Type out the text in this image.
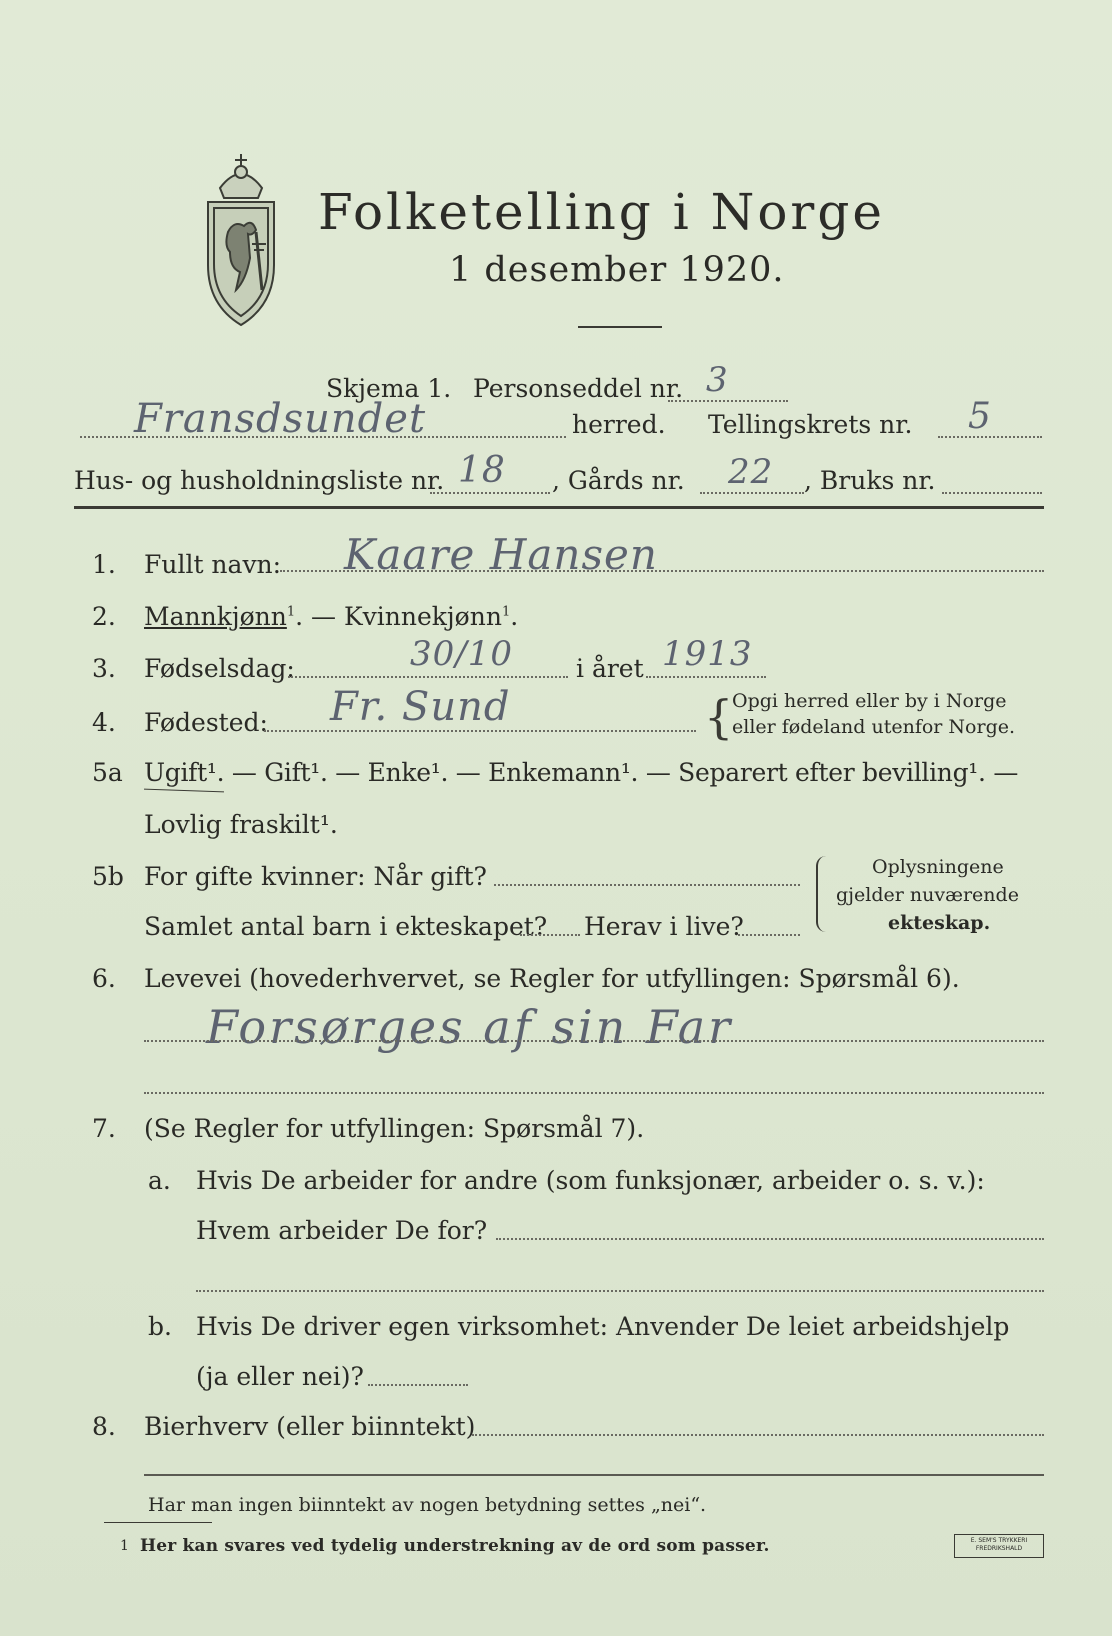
Folketelling i Norge
1 desember 1920.
Skjema 1. Personseddel nr. 3
Fransdsundet	herred. Tellingskrets nr. 5
Hus- og husholdningsliste nr. 18 , Gårds nr. 22 , Bruks nr.
1. Fullt navn: Kaare Hansen
2. Mannkjønn$^1$. — Kvinnekjønn$^1$.
3. Fødselsdag:	30/10	i året 1913
4. Fødested: Fr. Sund	{
Opgi herred eller by i Norge
eller fødeland utenfor Norge.
5a Ugift¹. — Gift¹. — Enke¹. — Enkemann¹. — Separert efter bevilling¹. —
Lovlig fraskilt¹.
5b For gifte kvinner: Når gift?
Samlet antal barn i ekteskapet? Herav i live?
Oplysningene
gjelder nuværende
ekteskap.
6. Levevei (hovederhvervet, se Regler for utfyllingen: Spørsmål 6).
Forsørges af sin Far
7. (Se Regler for utfyllingen: Spørsmål 7).
a. Hvis De arbeider for andre (som funksjonær, arbeider o. s. v.):
Hvem arbeider De for?
b. Hvis De driver egen virksomhet: Anvender De leiet arbeidshjelp
(ja eller nei)?
8. Bierhverv (eller biinntekt)
Har man ingen biinntekt av nogen betydning settes „nei“.
1 Her kan svares ved tydelig understrekning av de ord som passer.	E. SEM'S TRYKKERI FREDRIKSHALD
